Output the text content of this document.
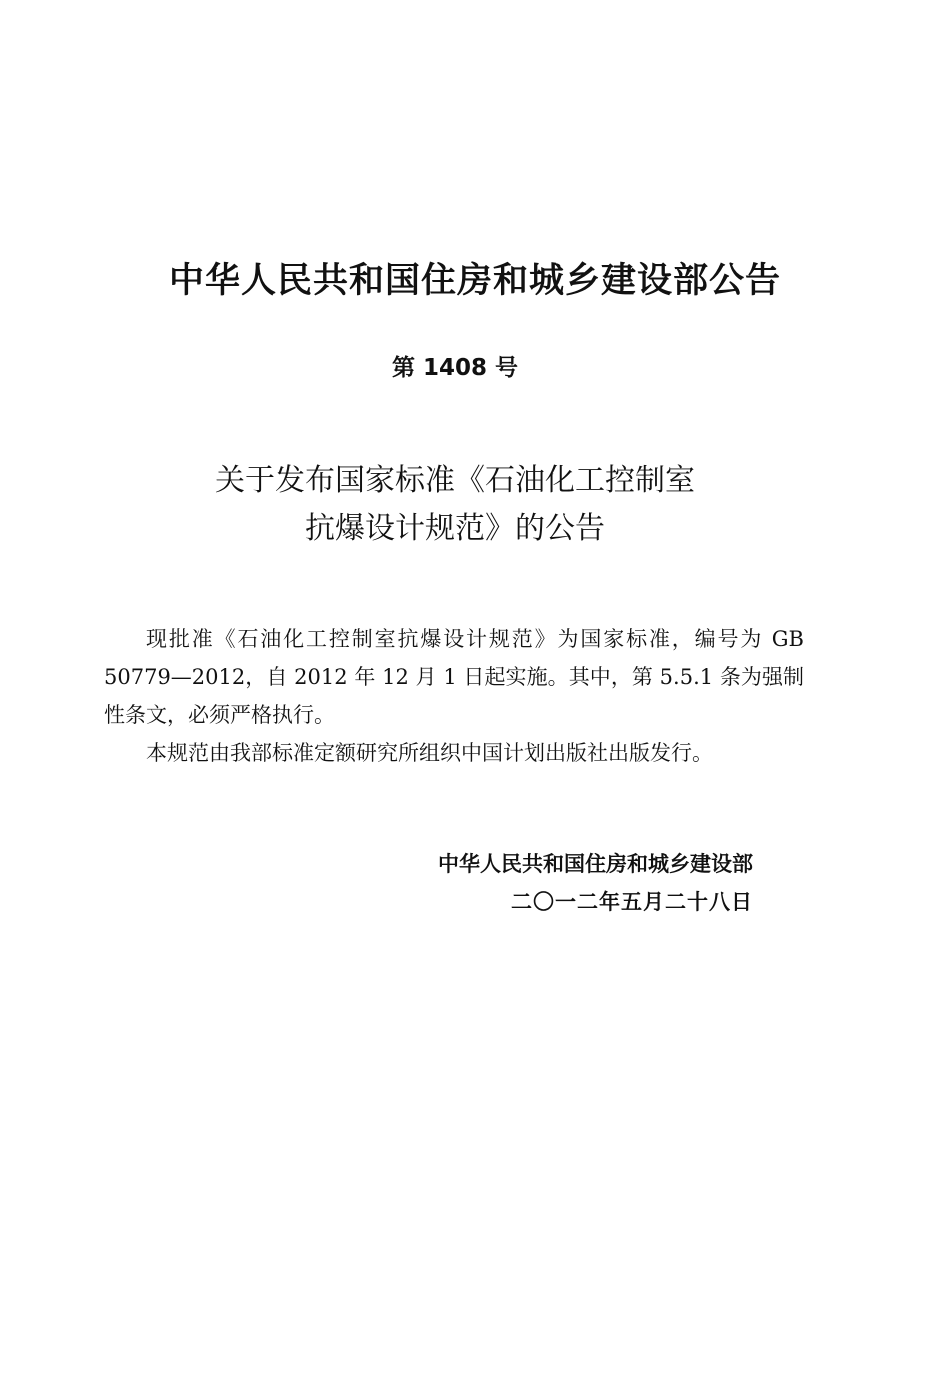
中华人民共和国住房和城乡建设部公告
第 1408 号
关于发布国家标准《石油化工控制室
抗爆设计规范》的公告

现批准《石油化工控制室抗爆设计规范》为国家标准，编号为 GB 50779—2012，自 2012 年 12 月 1 日起实施。其中，第 5.5.1 条为强制性条文，必须严格执行。

本规范由我部标准定额研究所组织中国计划出版社出版发行。

中华人民共和国住房和城乡建设部
二〇一二年五月二十八日
